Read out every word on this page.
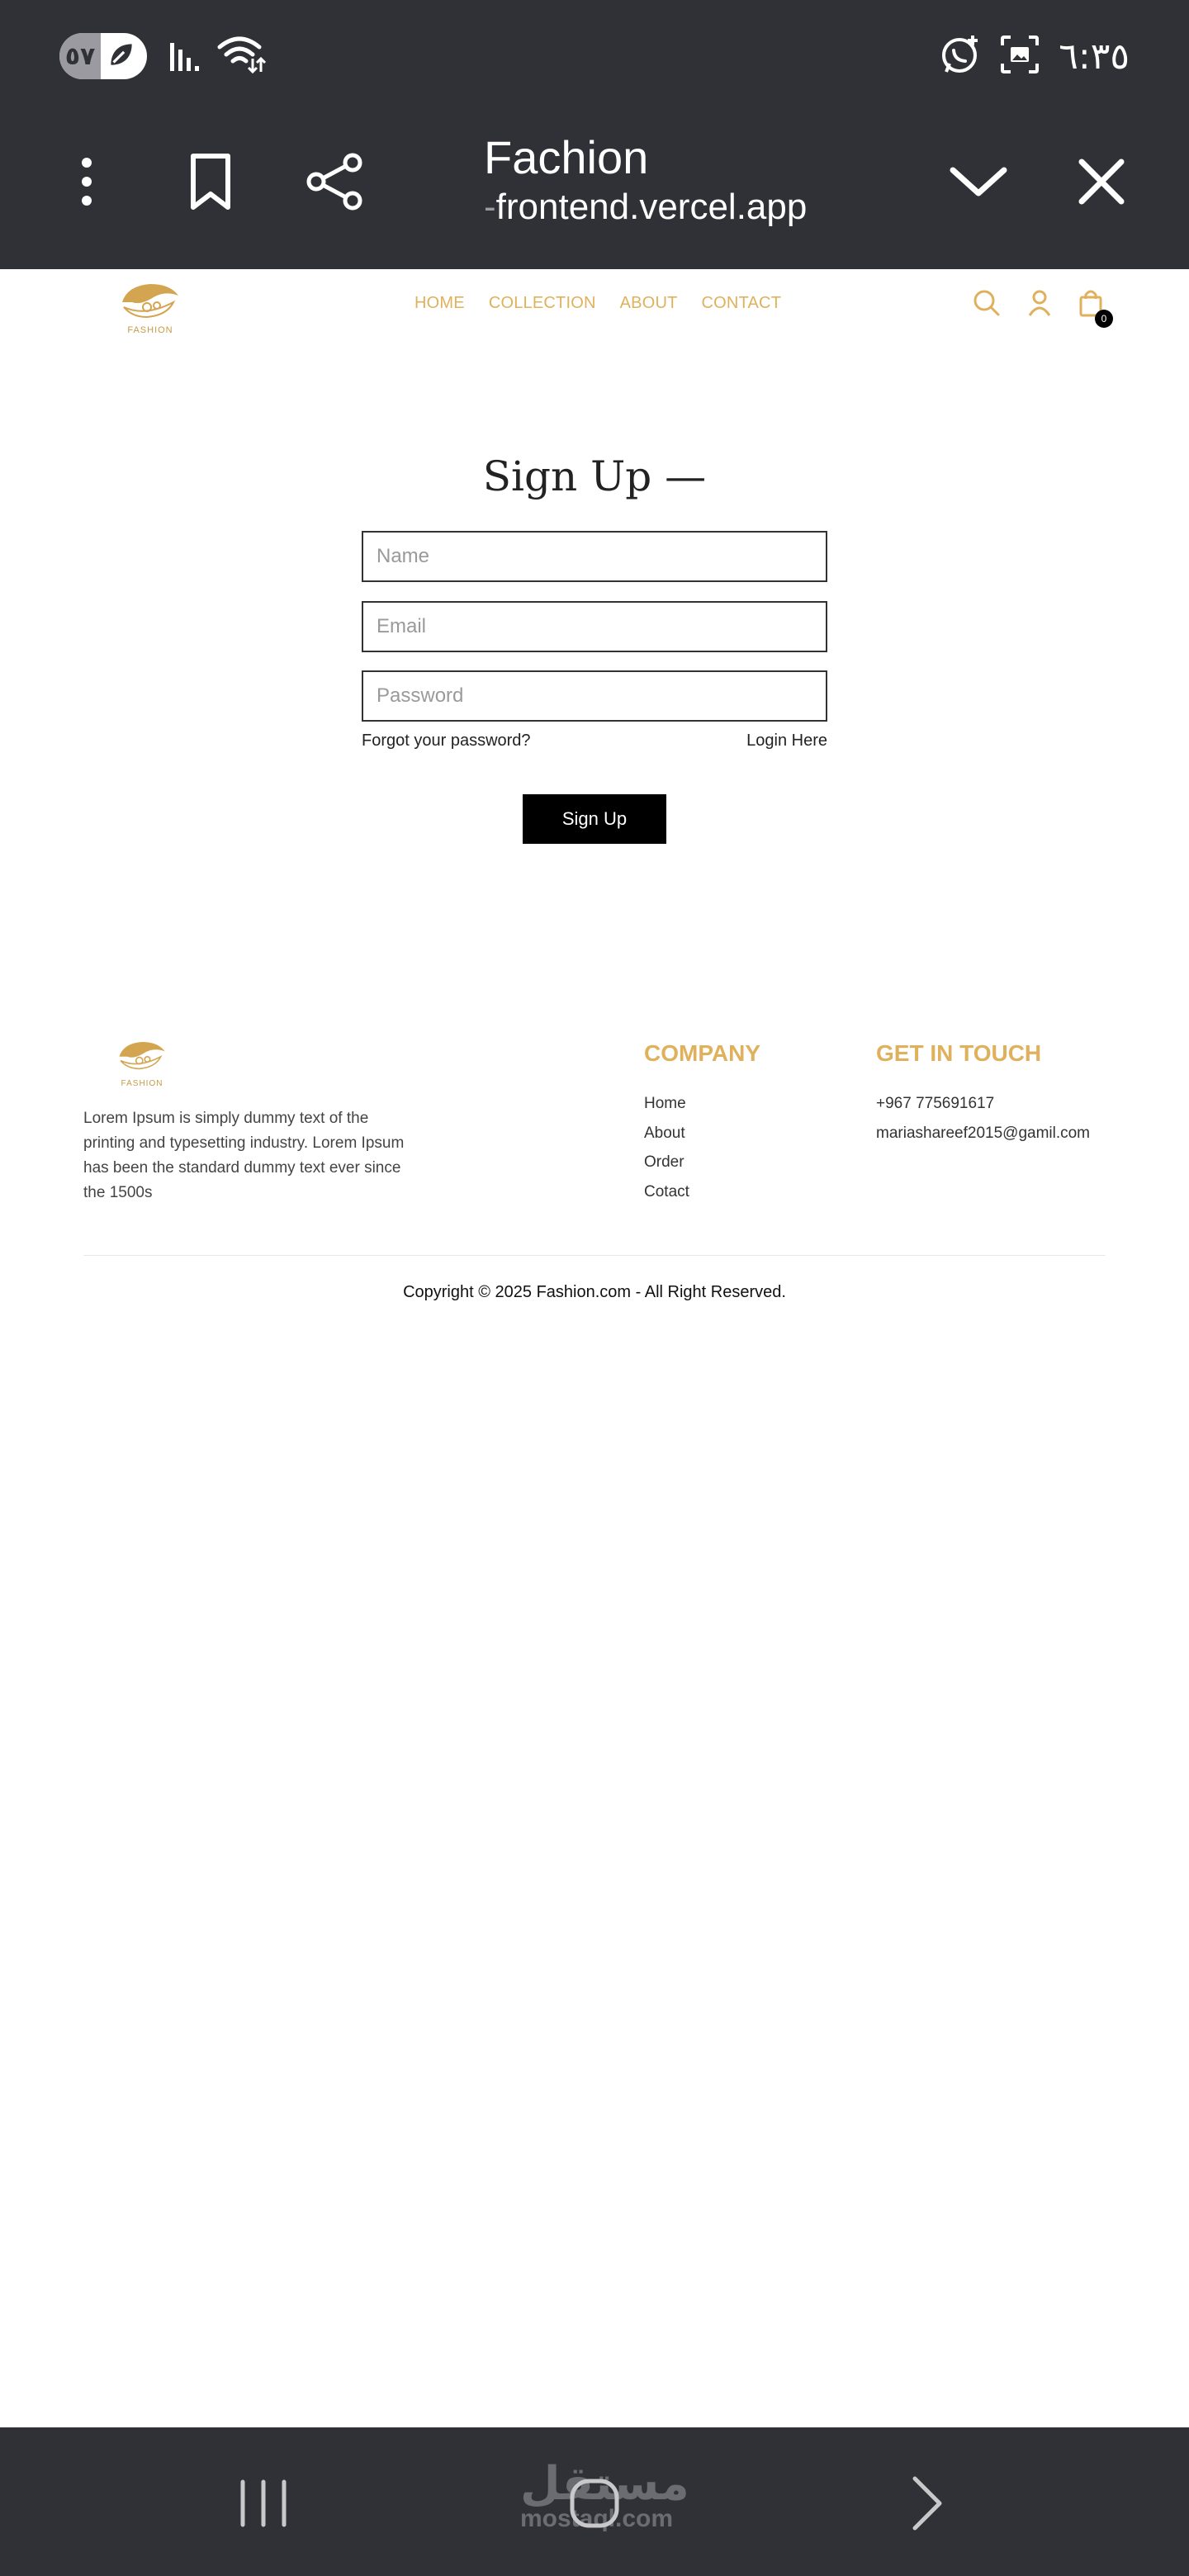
٥٧	٦:٣٥
Fachion
-frontend.vercel.app
FASHION
HOME COLLECTION ABOUT CONTACT
0
Sign Up —
Name
Email
Forgot your password?	Login Here
Sign Up
FASHION

Lorem Ipsum is simply dummy text of the printing and typesetting industry. Lorem Ipsum has been the standard dummy text ever since the 1500s

COMPANY
Home
About
Order
Cotact
GET IN TOUCH
+967 775691617
mariashareef2015@gamil.com
Copyright © 2025 Fashion.com - All Right Reserved.
مستقل
mostaql.com
